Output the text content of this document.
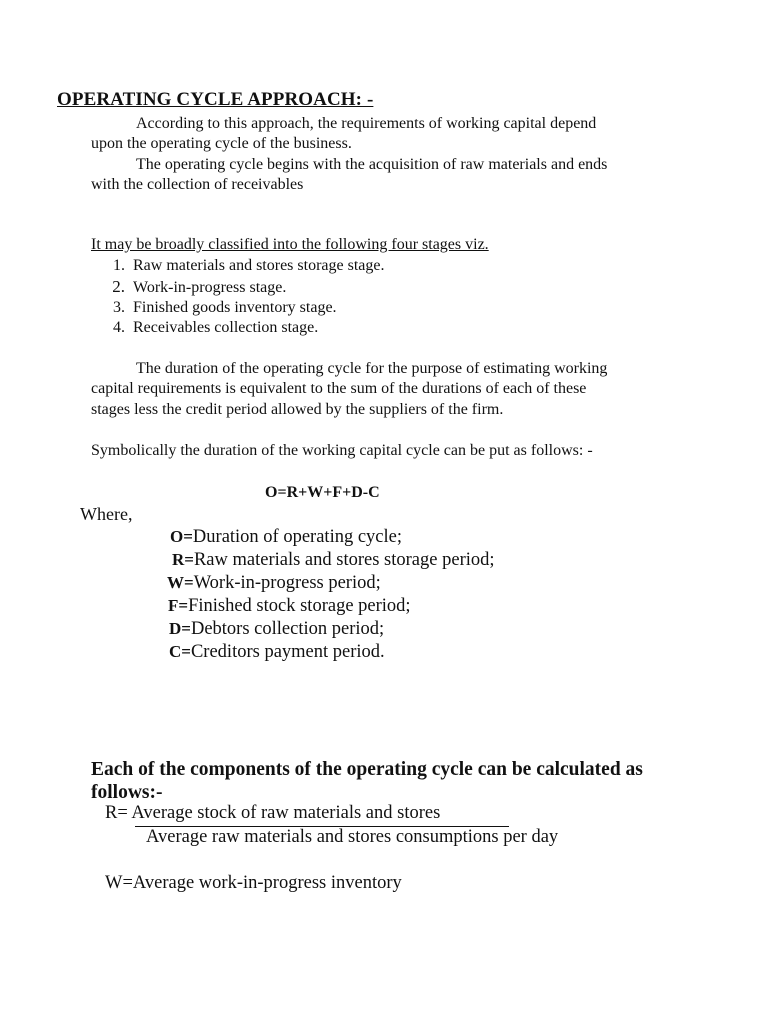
OPERATING CYCLE APPROACH: -
According to this approach, the requirements of working capital depend
upon the operating cycle of the business.
The operating cycle begins with the acquisition of raw materials and ends
with the collection of receivables
It may be broadly classified into the following four stages viz.
1. Raw materials and stores storage stage.
2. Work-in-progress stage.
3. Finished goods inventory stage.
4. Receivables collection stage.
The duration of the operating cycle for the purpose of estimating working
capital requirements is equivalent to the sum of the durations of each of these
stages less the credit period allowed by the suppliers of the firm.
Symbolically the duration of the working capital cycle can be put as follows: -
O=R+W+F+D-C
Where,
O=Duration of operating cycle;
R=Raw materials and stores storage period;
W=Work-in-progress period;
F=Finished stock storage period;
D=Debtors collection period;
C=Creditors payment period.
Each of the components of the operating cycle can be calculated as follows:-
R= Average stock of raw materials and stores
Average raw materials and stores consumptions per day
W=Average work-in-progress inventory
